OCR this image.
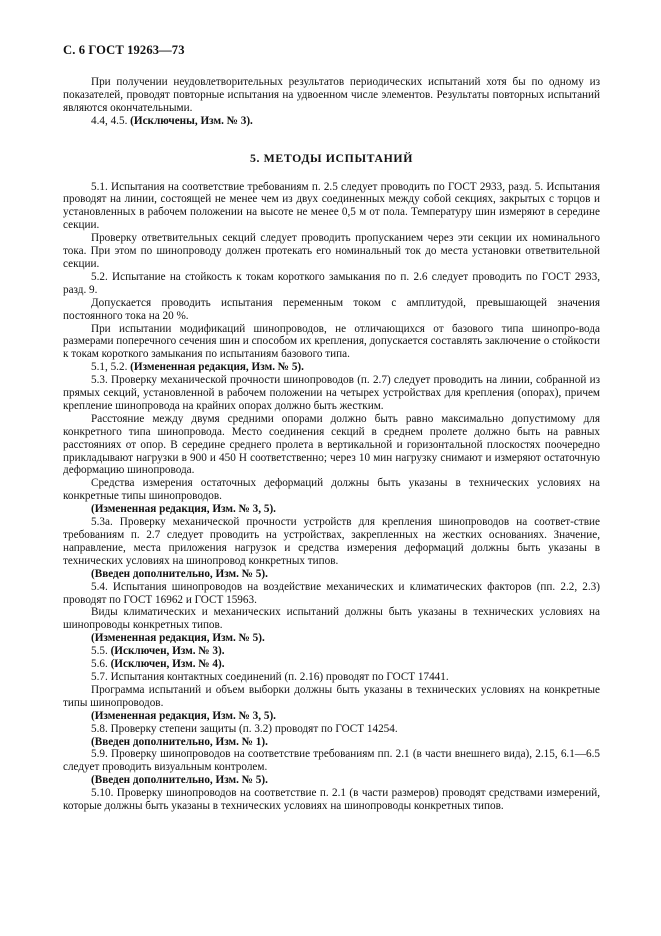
С. 6 ГОСТ 19263—73

При получении неудовлетворительных результатов периодических испытаний хотя бы по одному из показателей, проводят повторные испытания на удвоенном числе элементов. Результаты повторных испытаний являются окончательными.

4.4, 4.5. (Исключены, Изм. № 3).

5. МЕТОДЫ ИСПЫТАНИЙ

5.1. Испытания на соответствие требованиям п. 2.5 следует проводить по ГОСТ 2933, разд. 5. Испытания проводят на линии, состоящей не менее чем из двух соединенных между собой секциях, закрытых с торцов и установленных в рабочем положении на высоте не менее 0,5 м от пола. Температуру шин измеряют в середине секции.

Проверку ответвительных секций следует проводить пропусканием через эти секции их номинального тока. При этом по шинопроводу должен протекать его номинальный ток до места установки ответвительной секции.

5.2. Испытание на стойкость к токам короткого замыкания по п. 2.6 следует проводить по ГОСТ 2933, разд. 9.

Допускается проводить испытания переменным током с амплитудой, превышающей значения постоянного тока на 20 %.

При испытании модификаций шинопроводов, не отличающихся от базового типа шинопро-вода размерами поперечного сечения шин и способом их крепления, допускается составлять заключение о стойкости к токам короткого замыкания по испытаниям базового типа.

5.1, 5.2. (Измененная редакция, Изм. № 5).

5.3. Проверку механической прочности шинопроводов (п. 2.7) следует проводить на линии, собранной из прямых секций, установленной в рабочем положении на четырех устройствах для крепления (опорах), причем крепление шинопровода на крайних опорах должно быть жестким.

Расстояние между двумя средними опорами должно быть равно максимально допустимому для конкретного типа шинопровода. Место соединения секций в среднем пролете должно быть на равных расстояниях от опор. В середине среднего пролета в вертикальной и горизонтальной плоскостях поочередно прикладывают нагрузки в 900 и 450 Н соответственно; через 10 мин нагрузку снимают и измеряют остаточную деформацию шинопровода.

Средства измерения остаточных деформаций должны быть указаны в технических условиях на конкретные типы шинопроводов.

(Измененная редакция, Изм. № 3, 5).

5.3а. Проверку механической прочности устройств для крепления шинопроводов на соответ-ствие требованиям п. 2.7 следует проводить на устройствах, закрепленных на жестких основаниях. Значение, направление, места приложения нагрузок и средства измерения деформаций должны быть указаны в технических условиях на шинопровод конкретных типов.

(Введен дополнительно, Изм. № 5).

5.4. Испытания шинопроводов на воздействие механических и климатических факторов (пп. 2.2, 2.3) проводят по ГОСТ 16962 и ГОСТ 15963.

Виды климатических и механических испытаний должны быть указаны в технических условиях на шинопроводы конкретных типов.

(Измененная редакция, Изм. № 5).

5.5. (Исключен, Изм. № 3).

5.6. (Исключен, Изм. № 4).

5.7. Испытания контактных соединений (п. 2.16) проводят по ГОСТ 17441.

Программа испытаний и объем выборки должны быть указаны в технических условиях на конкретные типы шинопроводов.

(Измененная редакция, Изм. № 3, 5).

5.8. Проверку степени защиты (п. 3.2) проводят по ГОСТ 14254.

(Введен дополнительно, Изм. № 1).

5.9. Проверку шинопроводов на соответствие требованиям пп. 2.1 (в части внешнего вида), 2.15, 6.1—6.5 следует проводить визуальным контролем.

(Введен дополнительно, Изм. № 5).

5.10. Проверку шинопроводов на соответствие п. 2.1 (в части размеров) проводят средствами измерений, которые должны быть указаны в технических условиях на шинопроводы конкретных типов.
